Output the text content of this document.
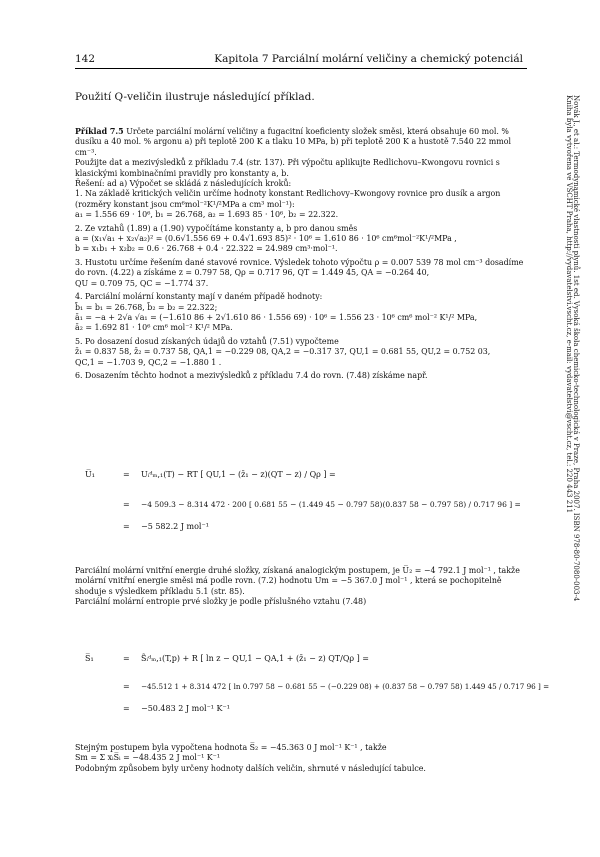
142	Kapitola 7 Parciální molární veličiny a chemický potenciál
Použití Q-veličin ilustruje následující příklad.

Příklad 7.5 Určete parciální molární veličiny a fugacitní koeficienty složek směsi, která obsahuje 60 mol. % dusíku a 40 mol. % argonu a) při teplotě 200 K a tlaku 10 MPa, b) při teplotě 200 K a hustotě 7.540 22 mmol cm⁻³.

Použijte dat a mezivýsledků z příkladu 7.4 (str. 137). Při výpočtu aplikujte Redlichovu–Kwongovu rovnici s klasickými kombinačními pravidly pro konstanty a, b.

Řešení: ad a) Výpočet se skládá z následujících kroků:

1. Na základě kritických veličin určíme hodnoty konstant Redlichovy–Kwongovy rovnice pro dusík a argon (rozměry konstant jsou cm⁶mol⁻²K¹/²MPa a cm³ mol⁻¹):

a₁ = 1.556 69 · 10⁶, b₁ = 26.768, a₂ = 1.693 85 · 10⁶, b₂ = 22.322.

2. Ze vztahů (1.89) a (1.90) vypočítáme konstanty a, b pro danou směs

a = (x₁√a₁ + x₂√a₂)² = (0.6√1.556 69 + 0.4√1.693 85)² · 10⁶ = 1.610 86 · 10⁶ cm⁶mol⁻²K¹/²MPa ,

b = x₁b₁ + x₂b₂ = 0.6 · 26.768 + 0.4 · 22.322 = 24.989 cm³·mol⁻¹.

3. Hustotu určíme řešením dané stavové rovnice. Výsledek tohoto výpočtu ρ = 0.007 539 78 mol cm⁻³ dosadíme do rovn. (4.22) a získáme z = 0.797 58, Qρ = 0.717 96, QT = 1.449 45, QA = −0.264 40,

QU = 0.709 75, QC = −1.774 37.

4. Parciální molární konstanty mají v daném případě hodnoty:

b̄₁ = b₁ = 26.768, b̄₂ = b₂ = 22.322;

ā₁ = −a + 2√a √a₁ = (−1.610 86 + 2√1.610 86 · 1.556 69) · 10⁶ = 1.556 23 · 10⁶ cm⁶ mol⁻² K¹/² MPa,

ā₂ = 1.692 81 · 10⁶ cm⁶ mol⁻² K¹/² MPa.

5. Po dosazení dosud získaných údajů do vztahů (7.51) vypočteme

z̄₁ = 0.837 58, z̄₂ = 0.737 58, QA,1 = −0.229 08, QA,2 = −0.317 37, QU,1 = 0.681 55, QU,2 = 0.752 03,

QC,1 = −1.703 9, QC,2 = −1.880 1 .

6. Dosazením těchto hodnot a mezivýsledků z příkladu 7.4 do rovn. (7.48) získáme např.

U̅₁	= Uᵢᵈₘ,₁(T) − RT [ QU,1 − (z̄₁ − z)(QT − z) / Qρ ] =
= −4 509.3 − 8.314 472 · 200 [ 0.681 55 − (1.449 45 − 0.797 58)(0.837 58 − 0.797 58) / 0.717 96 ] =
= −5 582.2 J mol⁻¹

Parciální molární vnitřní energie druhé složky, získaná analogickým postupem, je U̅₂ = −4 792.1 J mol⁻¹ , takže molární vnitřní energie směsi má podle rovn. (7.2) hodnotu Um = −5 367.0 J mol⁻¹ , která se pochopitelně shoduje s výsledkem příkladu 5.1 (str. 85).

Parciální molární entropie prvé složky je podle příslušného vztahu (7.48)

S̅₁	= S̃ᵢᵈₘ,₁(T,p) + R [ ln z − QU,1 − QA,1 + (z̄₁ − z) QT/Qρ ] =
= −45.512 1 + 8.314 472 [ ln 0.797 58 − 0.681 55 − (−0.229 08) + (0.837 58 − 0.797 58) 1.449 45 / 0.717 96 ] =
= −50.483 2 J mol⁻¹ K⁻¹

Stejným postupem byla vypočtena hodnota S̅₂ = −45.363 0 J mol⁻¹ K⁻¹ , takže

Sm = Σ xᵢS̅ᵢ = −48.435 2 J mol⁻¹ K⁻¹

Podobným způsobem byly určeny hodnoty dalších veličin, shrnuté v následující tabulce.

Novák J., et al.: Termodynamické vlastnosti plynů. 1st ed. Vysoká škola chemicko-technologická v Praze, Praha 2007. ISBN 978-80-7080-003-4
Kniha byla vytvořena ve VŠCHT Praha, http://vydavatelstvi.vscht.cz, e-mail: vydavatelstvi@vscht.cz, tel.: 220 443 211
